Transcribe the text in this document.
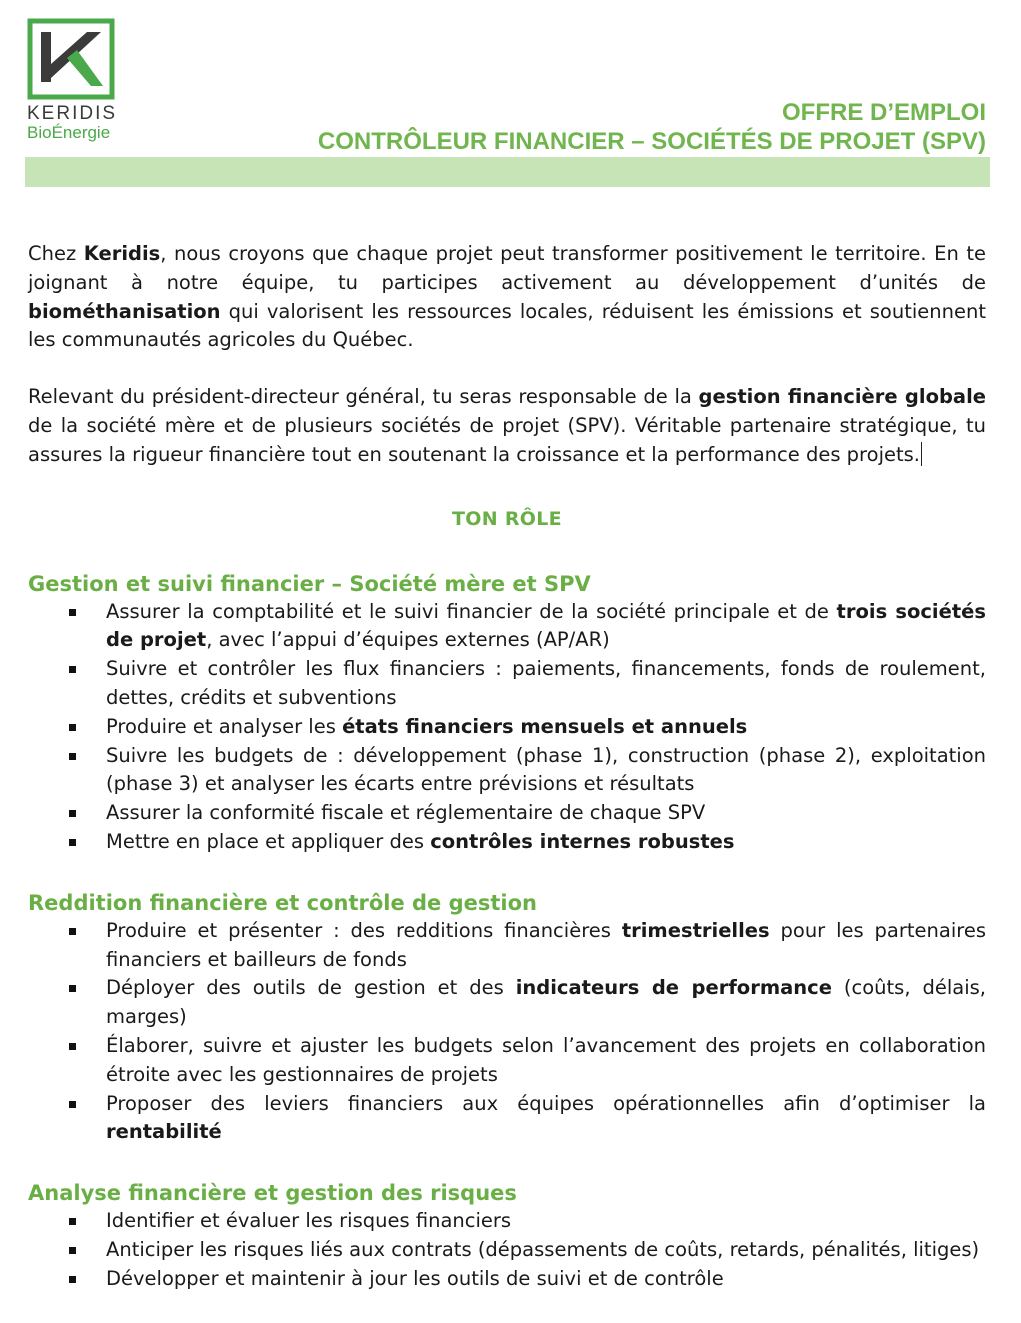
KERIDIS
BioÉnergie
OFFRE D’EMPLOI
CONTRÔLEUR FINANCIER – SOCIÉTÉS DE PROJET (SPV)

Chez Keridis, nous croyons que chaque projet peut transformer positivement le territoire. En te joignant à notre équipe, tu participes activement au développement d’unités de biométhanisation qui valorisent les ressources locales, réduisent les émissions et soutiennent les communautés agricoles du Québec.

Relevant du président-directeur général, tu seras responsable de la gestion financière globale de la société mère et de plusieurs sociétés de projet (SPV). Véritable partenaire stratégique, tu assures la rigueur financière tout en soutenant la croissance et la performance des projets.

TON RÔLE
Gestion et suivi financier – Société mère et SPV
Assurer la comptabilité et le suivi financier de la société principale et de trois sociétés de projet, avec l’appui d’équipes externes (AP/AR)
Suivre et contrôler les flux financiers : paiements, financements, fonds de roulement, dettes, crédits et subventions
Produire et analyser les états financiers mensuels et annuels
Suivre les budgets de : développement (phase 1), construction (phase 2), exploitation (phase 3) et analyser les écarts entre prévisions et résultats
Assurer la conformité fiscale et réglementaire de chaque SPV
Mettre en place et appliquer des contrôles internes robustes
Reddition financière et contrôle de gestion
Produire et présenter : des redditions financières trimestrielles pour les partenaires financiers et bailleurs de fonds
Déployer des outils de gestion et des indicateurs de performance (coûts, délais, marges)
Élaborer, suivre et ajuster les budgets selon l’avancement des projets en collaboration étroite avec les gestionnaires de projets
Proposer des leviers financiers aux équipes opérationnelles afin d’optimiser la rentabilité
Analyse financière et gestion des risques
Identifier et évaluer les risques financiers
Anticiper les risques liés aux contrats (dépassements de coûts, retards, pénalités, litiges)
Développer et maintenir à jour les outils de suivi et de contrôle
